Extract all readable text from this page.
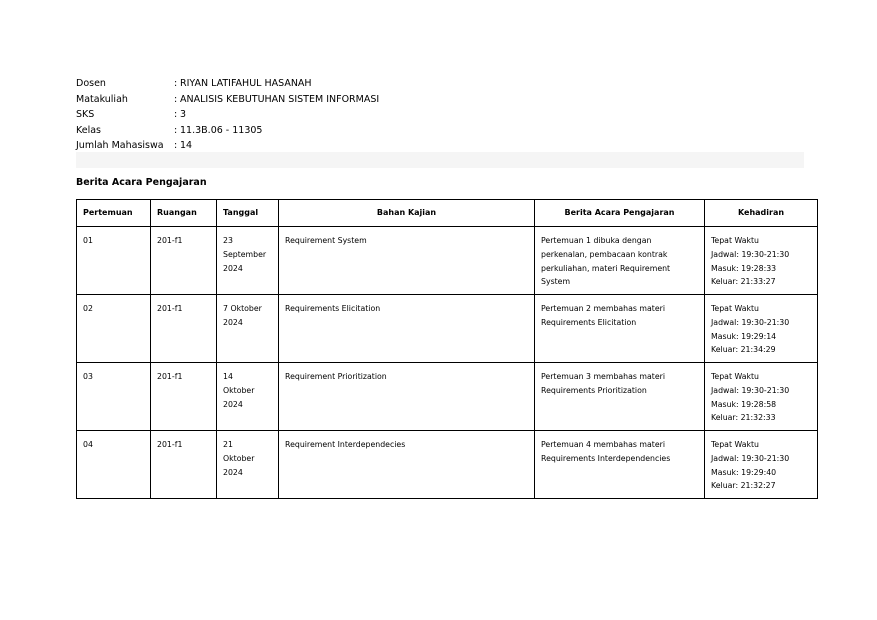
Dosen	: RIYAN LATIFAHUL HASANAH
Matakuliah	: ANALISIS KEBUTUHAN SISTEM INFORMASI
SKS	: 3
Kelas	: 11.3B.06 - 11305
Jumlah Mahasiswa	: 14
Berita Acara Pengajaran
Pertemuan	Ruangan	Tanggal	Bahan Kajian	Berita Acara Pengajaran	Kehadiran
01	201-f1	23
September
2024	Requirement System	Pertemuan 1 dibuka dengan
perkenalan, pembacaan kontrak
perkuliahan, materi Requirement
System	Tepat Waktu
Jadwal: 19:30-21:30
Masuk: 19:28:33
Keluar: 21:33:27

02	201-f1	7 Oktober
2024	Requirements Elicitation	Pertemuan 2 membahas materi
Requirements Elicitation	Tepat Waktu
Jadwal: 19:30-21:30
Masuk: 19:29:14
Keluar: 21:34:29

03	201-f1	14
Oktober
2024	Requirement Prioritization	Pertemuan 3 membahas materi
Requirements Prioritization	Tepat Waktu
Jadwal: 19:30-21:30
Masuk: 19:28:58
Keluar: 21:32:33

04	201-f1	21
Oktober
2024	Requirement Interdependecies	Pertemuan 4 membahas materi
Requirements Interdependencies	Tepat Waktu
Jadwal: 19:30-21:30
Masuk: 19:29:40
Keluar: 21:32:27
